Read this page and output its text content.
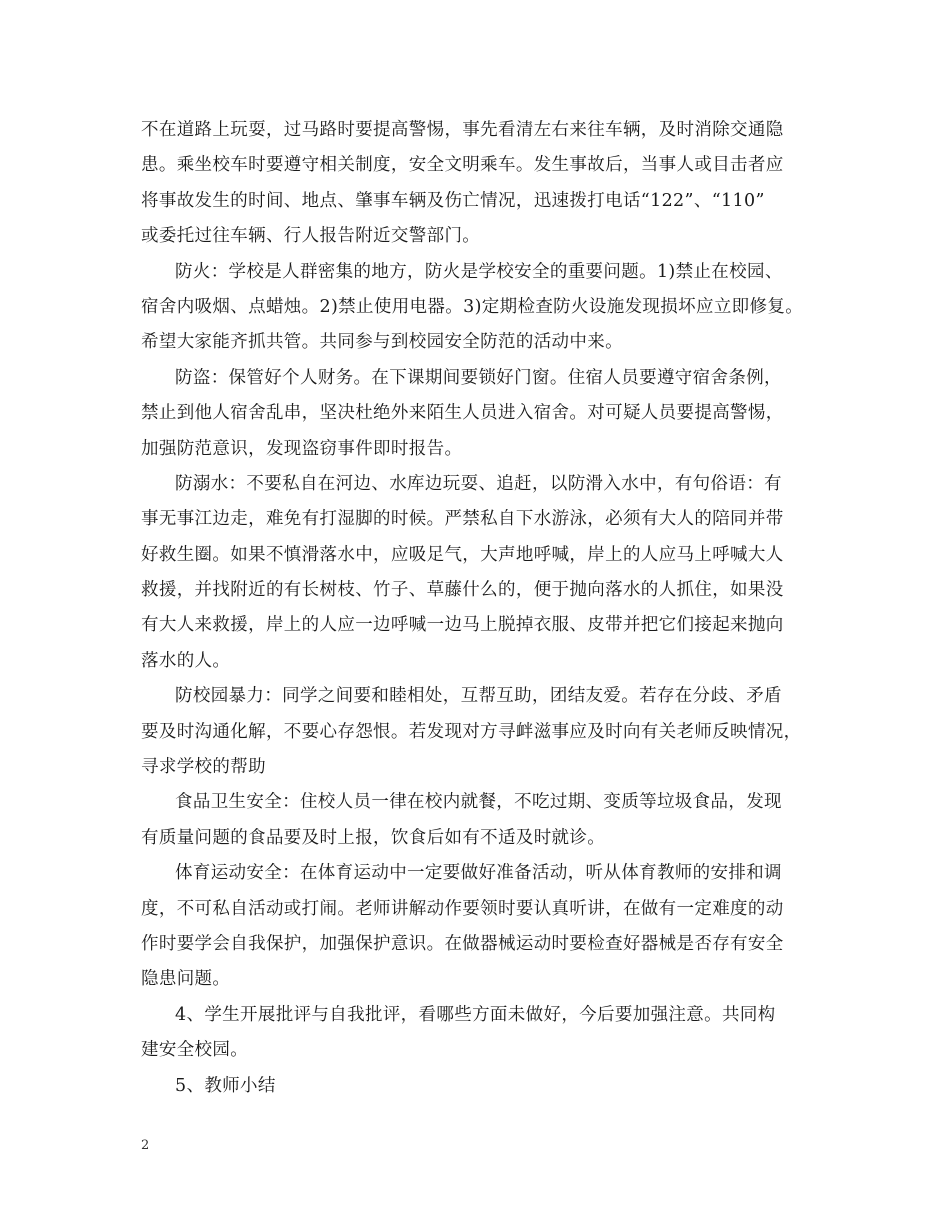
不在道路上玩耍，过马路时要提高警惕，事先看清左右来往车辆，及时消除交通隐
患。乘坐校车时要遵守相关制度，安全文明乘车。发生事故后，当事人或目击者应
将事故发生的时间、地点、肇事车辆及伤亡情况，迅速拨打电话“122”、“110”
或委托过往车辆、行人报告附近交警部门。
防火：学校是人群密集的地方，防火是学校安全的重要问题。1)禁止在校园、
宿舍内吸烟、点蜡烛。2)禁止使用电器。3)定期检查防火设施发现损坏应立即修复。
希望大家能齐抓共管。共同参与到校园安全防范的活动中来。
防盗：保管好个人财务。在下课期间要锁好门窗。住宿人员要遵守宿舍条例，
禁止到他人宿舍乱串，坚决杜绝外来陌生人员进入宿舍。对可疑人员要提高警惕，
加强防范意识，发现盗窃事件即时报告。
防溺水：不要私自在河边、水库边玩耍、追赶，以防滑入水中，有句俗语：有
事无事江边走，难免有打湿脚的时候。严禁私自下水游泳，必须有大人的陪同并带
好救生圈。如果不慎滑落水中，应吸足气，大声地呼喊，岸上的人应马上呼喊大人
救援，并找附近的有长树枝、竹子、草藤什么的，便于抛向落水的人抓住，如果没
有大人来救援，岸上的人应一边呼喊一边马上脱掉衣服、皮带并把它们接起来抛向
落水的人。
防校园暴力：同学之间要和睦相处，互帮互助，团结友爱。若存在分歧、矛盾
要及时沟通化解，不要心存怨恨。若发现对方寻衅滋事应及时向有关老师反映情况，
寻求学校的帮助
食品卫生安全：住校人员一律在校内就餐，不吃过期、变质等垃圾食品，发现
有质量问题的食品要及时上报，饮食后如有不适及时就诊。
体育运动安全：在体育运动中一定要做好准备活动，听从体育教师的安排和调
度，不可私自活动或打闹。老师讲解动作要领时要认真听讲，在做有一定难度的动
作时要学会自我保护，加强保护意识。在做器械运动时要检查好器械是否存有安全
隐患问题。
4、学生开展批评与自我批评，看哪些方面未做好，今后要加强注意。共同构
建安全校园。
5、教师小结
2
